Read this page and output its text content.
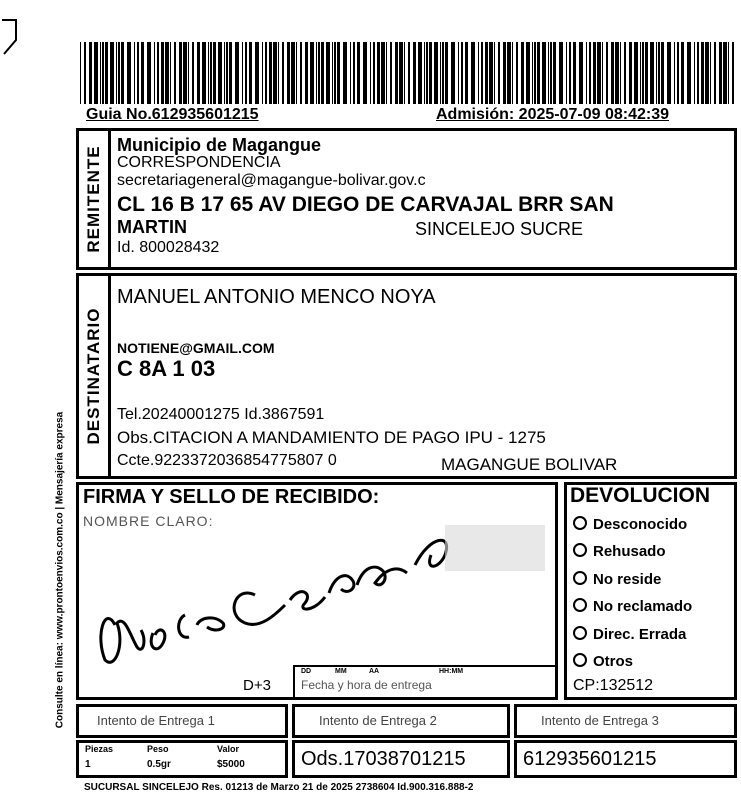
Guia No.612935601215	Admisión: 2025-07-09 08:42:39
REMITENTE
Municipio de Magangue
CORRESPONDENCIA
secretariageneral@magangue-bolivar.gov.c
CL 16 B 17 65 AV DIEGO DE CARVAJAL BRR SAN
MARTIN	SINCELEJO SUCRE
Id. 800028432
DESTINATARIO
MANUEL ANTONIO MENCO NOYA
NOTIENE@GMAIL.COM
C 8A 1 03
Tel.20240001275 Id.3867591
Obs.CITACION A MANDAMIENTO DE PAGO IPU - 1275
Ccte.9223372036854775807 0	MAGANGUE BOLIVAR
Consulte en línea: www.prontoenvios.com.co | Mensajería expresa FIRMA Y SELLO DE RECIBIDO:
NOMBRE CLARO:
D+3
DD	MM	AA	HH:MM
Fecha y hora de entrega
DEVOLUCION
Desconocido
Rehusado
No reside
No reclamado
Direc. Errada
Otros
CP:132512
Intento de Entrega 1	Intento de Entrega 2	Intento de Entrega 3
Piezas	Peso	Valor
1	0.5gr	$5000	Ods.17038701215	612935601215
SUCURSAL SINCELEJO Res. 01213 de Marzo 21 de 2025 2738604 Id.900.316.888-2
